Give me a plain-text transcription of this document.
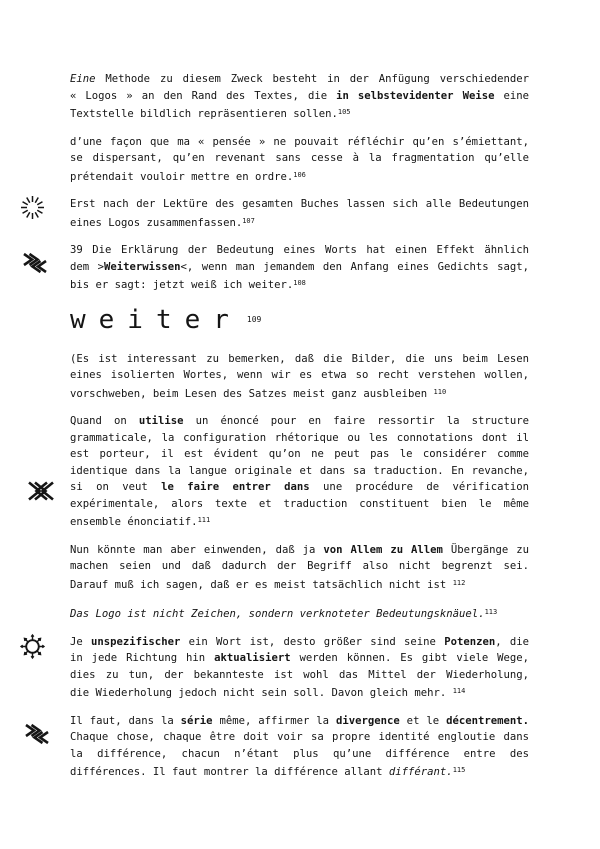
Eine Methode zu diesem Zweck besteht in der Anfügung verschiedender
« Logos » an den Rand des Textes, die in selbstevidenter Weise eine
Textstelle bildlich repräsentieren sollen.$^{105}$
d’une façon que ma « pensée » ne pouvait réfléchir qu’en s’émiettant,
se dispersant, qu’en revenant sans cesse à la fragmentation qu’elle
prétendait vouloir mettre en ordre.$^{106}$
Erst nach der Lektüre des gesamten Buches lassen sich alle Bedeutungen
eines Logos zusammenfassen.$^{107}$
39 Die Erklärung der Bedeutung eines Worts hat einen Effekt ähnlich
dem >Weiterwissen<, wenn man jemandem den Anfang eines Gedichts sagt,
bis er sagt: jetzt weiß ich weiter.$^{108}$
weiter $^{109}$
(Es ist interessant zu bemerken, daß die Bilder, die uns beim Lesen
eines isolierten Wortes, wenn wir es etwa so recht verstehen wollen,
vorschweben, beim Lesen des Satzes meist ganz ausbleiben $^{110}$
Quand on utilise un énoncé pour en faire ressortir la structure
grammaticale, la configuration rhétorique ou les connotations dont il
est porteur, il est évident qu’on ne peut pas le considérer comme
identique dans la langue originale et dans sa traduction. En revanche,
si on veut le faire entrer dans une procédure de vérification
expérimentale, alors texte et traduction constituent bien le même
ensemble énonciatif.$^{111}$
Nun könnte man aber einwenden, daß ja von Allem zu Allem Übergänge zu
machen seien und daß dadurch der Begriff also nicht begrenzt sei.
Darauf muß ich sagen, daß er es meist tatsächlich nicht ist $^{112}$
Das Logo ist nicht Zeichen, sondern verknoteter Bedeutungsknäuel.$^{113}$
Je unspezifischer ein Wort ist, desto größer sind seine Potenzen, die
in jede Richtung hin aktualisiert werden können. Es gibt viele Wege,
dies zu tun, der bekannteste ist wohl das Mittel der Wiederholung,
die Wiederholung jedoch nicht sein soll. Davon gleich mehr. $^{114}$
Il faut, dans la série même, affirmer la divergence et le décentrement.
Chaque chose, chaque être doit voir sa propre identité engloutie dans
la différence, chacun n’étant plus qu’une différence entre des
différences. Il faut montrer la différence allant différant.$^{115}$
